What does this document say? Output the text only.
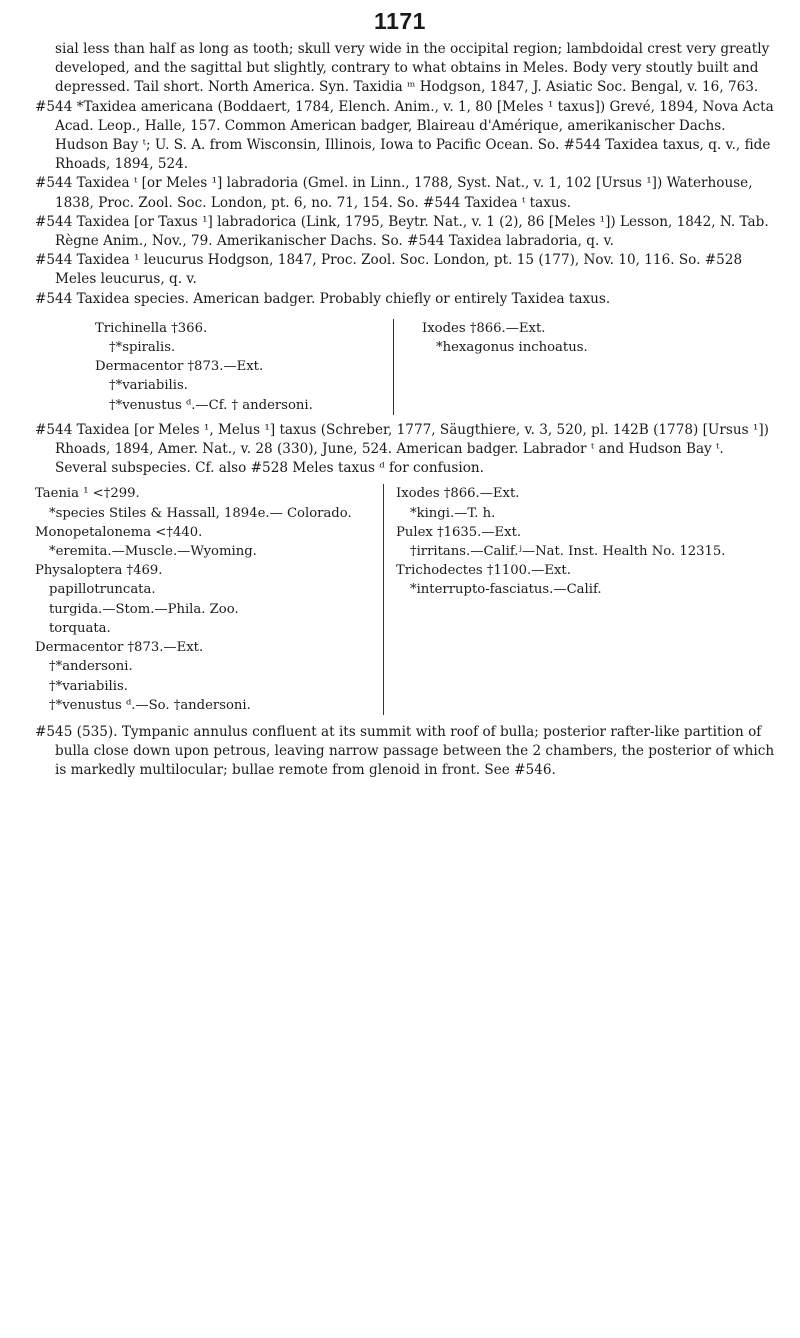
1171

sial less than half as long as tooth; skull very wide in the occipital region; lambdoidal crest very greatly developed, and the sagittal but slightly, contrary to what obtains in Meles. Body very stoutly built and depressed. Tail short. North America. Syn. Taxidia ᵐ Hodgson, 1847, J. Asiatic Soc. Bengal, v. 16, 763.

#544 *Taxidea americana (Boddaert, 1784, Elench. Anim., v. 1, 80 [Meles ¹ taxus]) Grevé, 1894, Nova Acta Acad. Leop., Halle, 157. Common American badger, Blaireau d'Amérique, amerikanischer Dachs. Hudson Bay ᵗ; U. S. A. from Wisconsin, Illinois, Iowa to Pacific Ocean. So. #544 Taxidea taxus, q. v., fide Rhoads, 1894, 524.

#544 Taxidea ᵗ [or Meles ¹] labradoria (Gmel. in Linn., 1788, Syst. Nat., v. 1, 102 [Ursus ¹]) Waterhouse, 1838, Proc. Zool. Soc. London, pt. 6, no. 71, 154. So. #544 Taxidea ᵗ taxus.

#544 Taxidea [or Taxus ¹] labradorica (Link, 1795, Beytr. Nat., v. 1 (2), 86 [Meles ¹]) Lesson, 1842, N. Tab. Règne Anim., Nov., 79. Amerikanischer Dachs. So. #544 Taxidea labradoria, q. v.

#544 Taxidea ¹ leucurus Hodgson, 1847, Proc. Zool. Soc. London, pt. 15 (177), Nov. 10, 116. So. #528 Meles leucurus, q. v.

#544 Taxidea species. American badger. Probably chiefly or entirely Taxidea taxus.

Trichinella †366.
†*spiralis.
Dermacentor †873.—Ext.
†*variabilis.
†*venustus ᵈ.—Cf. † andersoni.
Ixodes †866.—Ext.
*hexagonus inchoatus.

#544 Taxidea [or Meles ¹, Melus ¹] taxus (Schreber, 1777, Säugthiere, v. 3, 520, pl. 142B (1778) [Ursus ¹]) Rhoads, 1894, Amer. Nat., v. 28 (330), June, 524. American badger. Labrador ᵗ and Hudson Bay ᵗ. Several subspecies. Cf. also #528 Meles taxus ᵈ for confusion.

Taenia ¹ <†299.
*species Stiles & Hassall, 1894e.— Colorado.
Monopetalonema <†440.
*eremita.—Muscle.—Wyoming.
Physaloptera †469.
papillotruncata.
turgida.—Stom.—Phila. Zoo.
torquata.
Dermacentor †873.—Ext.
†*andersoni.
†*variabilis.
†*venustus ᵈ.—So. †andersoni.
Ixodes †866.—Ext.
*kingi.—T. h.
Pulex †1635.—Ext.
†irritans.—Calif.ʲ—Nat. Inst. Health No. 12315.
Trichodectes †1100.—Ext.
*interrupto-fasciatus.—Calif.

#545 (535). Tympanic annulus confluent at its summit with roof of bulla; posterior rafter-like partition of bulla close down upon petrous, leaving narrow passage between the 2 chambers, the posterior of which is markedly multilocular; bullae remote from glenoid in front. See #546.
